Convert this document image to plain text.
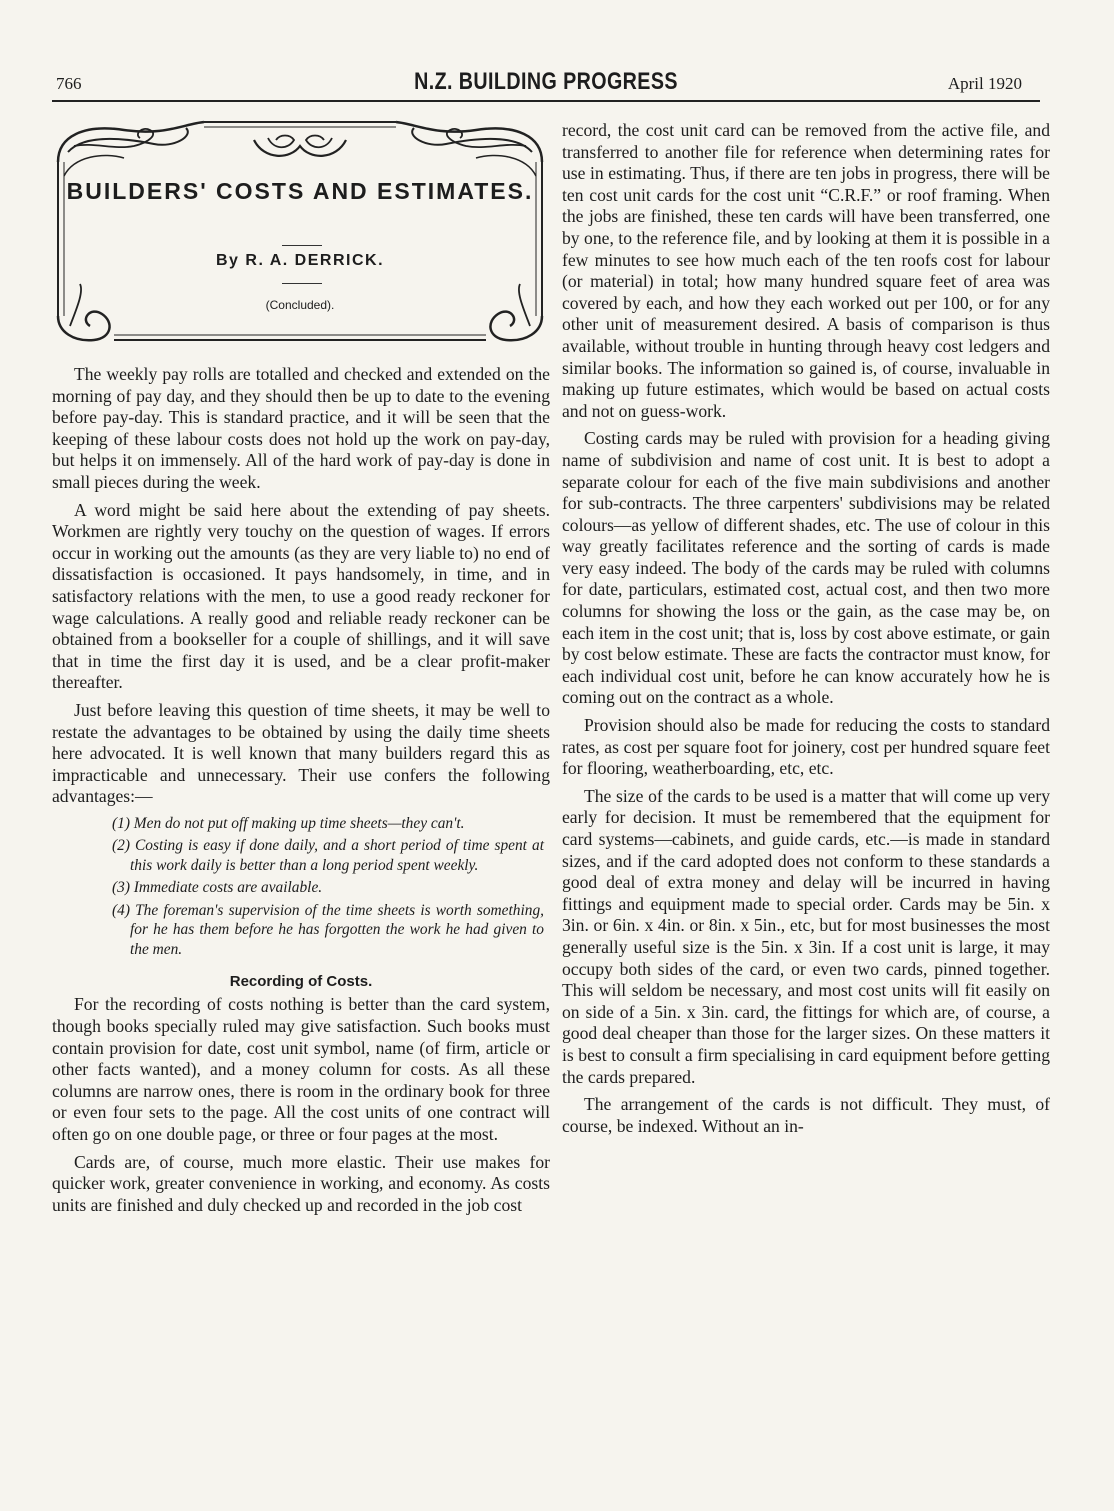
766	N.Z. BUILDING PROGRESS	April 1920
BUILDERS' COSTS AND ESTIMATES.
By R. A. DERRICK.
(Concluded).

The weekly pay rolls are totalled and checked and extended on the morning of pay day, and they should then be up to date to the evening before pay-day. This is standard practice, and it will be seen that the keeping of these labour costs does not hold up the work on pay-day, but helps it on immensely. All of the hard work of pay-day is done in small pieces during the week.

A word might be said here about the extending of pay sheets. Workmen are rightly very touchy on the question of wages. If errors occur in working out the amounts (as they are very liable to) no end of dissatisfaction is occasioned. It pays handsomely, in time, and in satisfactory relations with the men, to use a good ready reckoner for wage calculations. A really good and reliable ready reckoner can be obtained from a bookseller for a couple of shillings, and it will save that in time the first day it is used, and be a clear profit-maker thereafter.

Just before leaving this question of time sheets, it may be well to restate the advantages to be obtained by using the daily time sheets here advocated. It is well known that many builders regard this as impracticable and unnecessary. Their use confers the following advantages:—

(1) Men do not put off making up time sheets—they can't.
(2) Costing is easy if done daily, and a short period of time spent at this work daily is better than a long period spent weekly.
(3) Immediate costs are available.
(4) The foreman's supervision of the time sheets is worth something, for he has them before he has forgotten the work he had given to the men.
Recording of Costs.

For the recording of costs nothing is better than the card system, though books specially ruled may give satisfaction. Such books must contain provision for date, cost unit symbol, name (of firm, article or other facts wanted), and a money column for costs. As all these columns are narrow ones, there is room in the ordinary book for three or even four sets to the page. All the cost units of one contract will often go on one double page, or three or four pages at the most.

Cards are, of course, much more elastic. Their use makes for quicker work, greater convenience in working, and economy. As costs units are finished and duly checked up and recorded in the job cost

record, the cost unit card can be removed from the active file, and transferred to another file for reference when determining rates for use in estimating. Thus, if there are ten jobs in progress, there will be ten cost unit cards for the cost unit “C.R.F.” or roof framing. When the jobs are finished, these ten cards will have been transferred, one by one, to the reference file, and by looking at them it is possible in a few minutes to see how much each of the ten roofs cost for labour (or material) in total; how many hundred square feet of area was covered by each, and how they each worked out per 100, or for any other unit of measurement desired. A basis of comparison is thus available, without trouble in hunting through heavy cost ledgers and similar books. The information so gained is, of course, invaluable in making up future estimates, which would be based on actual costs and not on guess-work.

Costing cards may be ruled with provision for a heading giving name of subdivision and name of cost unit. It is best to adopt a separate colour for each of the five main subdivisions and another for sub-contracts. The three carpenters' subdivisions may be related colours—as yellow of different shades, etc. The use of colour in this way greatly facilitates reference and the sorting of cards is made very easy indeed. The body of the cards may be ruled with columns for date, particulars, estimated cost, actual cost, and then two more columns for showing the loss or the gain, as the case may be, on each item in the cost unit; that is, loss by cost above estimate, or gain by cost below estimate. These are facts the contractor must know, for each individual cost unit, before he can know accurately how he is coming out on the contract as a whole.

Provision should also be made for reducing the costs to standard rates, as cost per square foot for joinery, cost per hundred square feet for flooring, weatherboarding, etc, etc.

The size of the cards to be used is a matter that will come up very early for decision. It must be remembered that the equipment for card systems—cabinets, and guide cards, etc.—is made in standard sizes, and if the card adopted does not conform to these standards a good deal of extra money and delay will be incurred in having fittings and equipment made to special order. Cards may be 5in. x 3in. or 6in. x 4in. or 8in. x 5in., etc, but for most businesses the most generally useful size is the 5in. x 3in. If a cost unit is large, it may occupy both sides of the card, or even two cards, pinned together. This will seldom be necessary, and most cost units will fit easily on on side of a 5in. x 3in. card, the fittings for which are, of course, a good deal cheaper than those for the larger sizes. On these matters it is best to consult a firm specialising in card equipment before getting the cards prepared.

The arrangement of the cards is not difficult. They must, of course, be indexed. Without an in-
